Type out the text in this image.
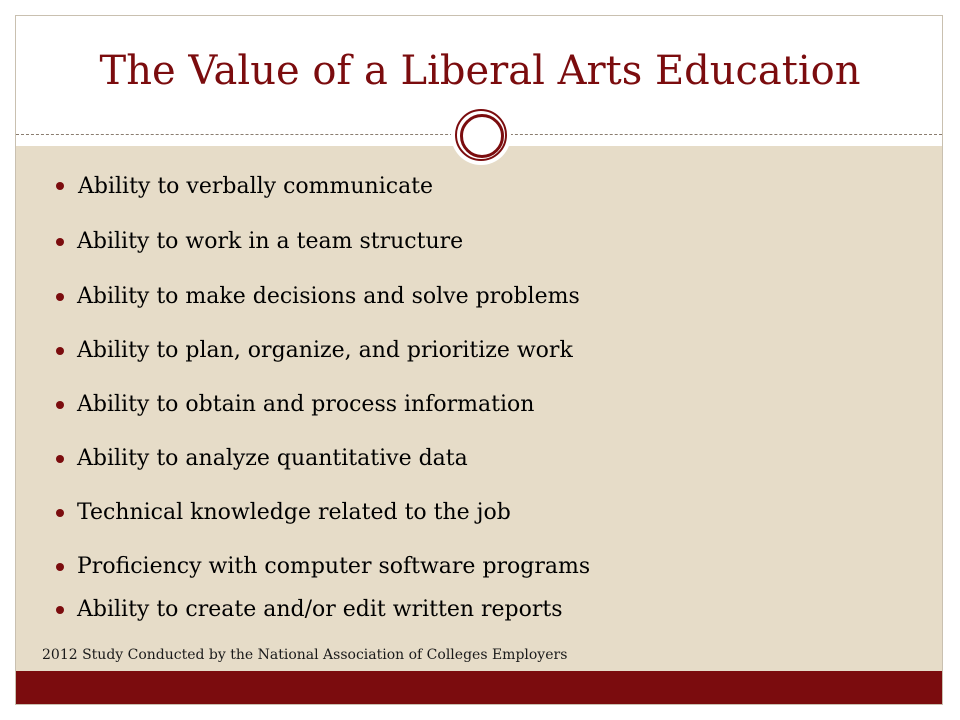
The Value of a Liberal Arts Education
Ability to verbally communicate
Ability to work in a team structure
Ability to make decisions and solve problems
Ability to plan, organize, and prioritize work
Ability to obtain and process information
Ability to analyze quantitative data
Technical knowledge related to the job
Proficiency with computer software programs
Ability to create and/or edit written reports
2012 Study Conducted by the National Association of Colleges Employers
